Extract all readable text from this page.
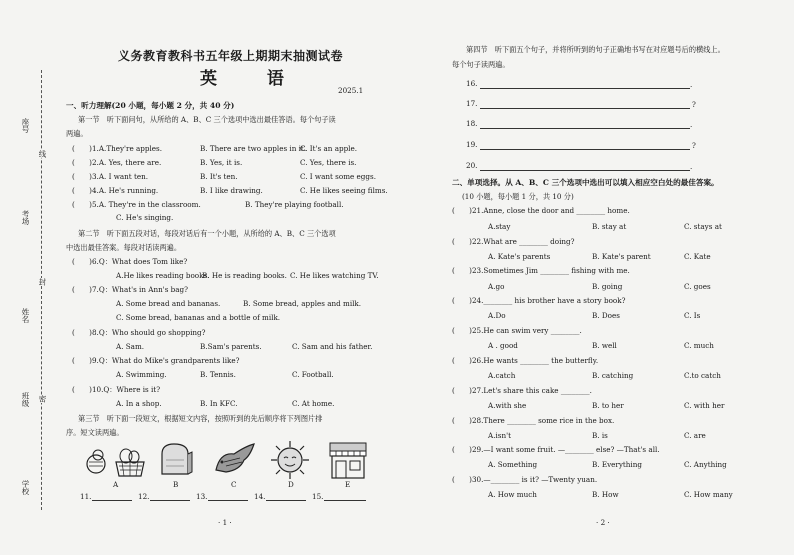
座号
考场
姓名
班级
学校
线
封
密
义务教育教科书五年级上期期末抽测试卷
英 语
2025.1
一、听力理解(20 小题，每小题 2 分，共 40 分)
第一节　听下面问句，从所给的 A、B、C 三个选项中选出最佳答语。每个句子读
两遍。
(　　)1.A.They're apples.	B. There are two apples in it.
C. It's an apple.
(　　)2.A. Yes, there are.	B. Yes, it is.	C. Yes, there is.
(　　)3.A. I want ten.	B. It's ten.	C. I want some eggs.
(　　)4.A. He's running.	B. I like drawing.	C. He likes seeing films.
(　　)5.A. They're in the classroom.	B. They're playing football.
C. He's singing.
第二节　听下面五段对话，每段对话后有一个小题，从所给的 A、B、C 三个选项
中选出最佳答案。每段对话读两遍。
(　　)6.Q：What does Tom like?
A.He likes reading books.
B. He is reading books. C. He likes watching TV.
(　　)7.Q：What's in Ann's bag?
A. Some bread and bananas.	B. Some bread, apples and milk.
C. Some bread, bananas and a bottle of milk.
(　　)8.Q：Who should go shopping?
A. Sam.	B.Sam's parents.	C. Sam and his father.
(　　)9.Q：What do Mike's grandparents like?
A. Swimming.	B. Tennis.	C. Football.
(　　)10.Q：Where is it?
A. In a shop.	B. In KFC.	C. At home.
第三节　听下面一段短文，根据短文内容，按照听到的先后顺序将下列图片排
序。短文读两遍。
A	B	C	D	E
11.	12.	13.	14.	15.
· 1 ·
第四节　听下面五个句子，并将所听到的句子正确地书写在对应题号后的横线上。
每个句子读两遍。
16.	.
17.	?
18.	.
19.	?
20.	.
二、单项选择。从 A、B、C 三个选项中选出可以填入相应空白处的最佳答案。
(10 小题，每小题 1 分，共 10 分)
(　　)21.Anne, close the door and ________ home.
A.stay	B. stay at	C. stays at
(　　)22.What are ________ doing?
A. Kate's parents	B. Kate's parent	C. Kate
(　　)23.Sometimes Jim ________ fishing with me.
A.go	B. going	C. goes
(　　)24.________ his brother have a story book?
A.Do	B. Does	C. Is
(　　)25.He can swim very ________.
A . good	B. well	C. much
(　　)26.He wants ________ the butterfly.
A.catch	B. catching	C.to catch
(　　)27.Let's share this cake ________.
A.with she	B. to her	C. with her
(　　)28.There ________ some rice in the box.
A.isn't	B. is	C. are
(　　)29.—I want some fruit. —________ else? —That's all.
A. Something	B. Everything	C. Anything
(　　)30.—________ is it? —Twenty yuan.
A. How much	B. How	C. How many
· 2 ·
